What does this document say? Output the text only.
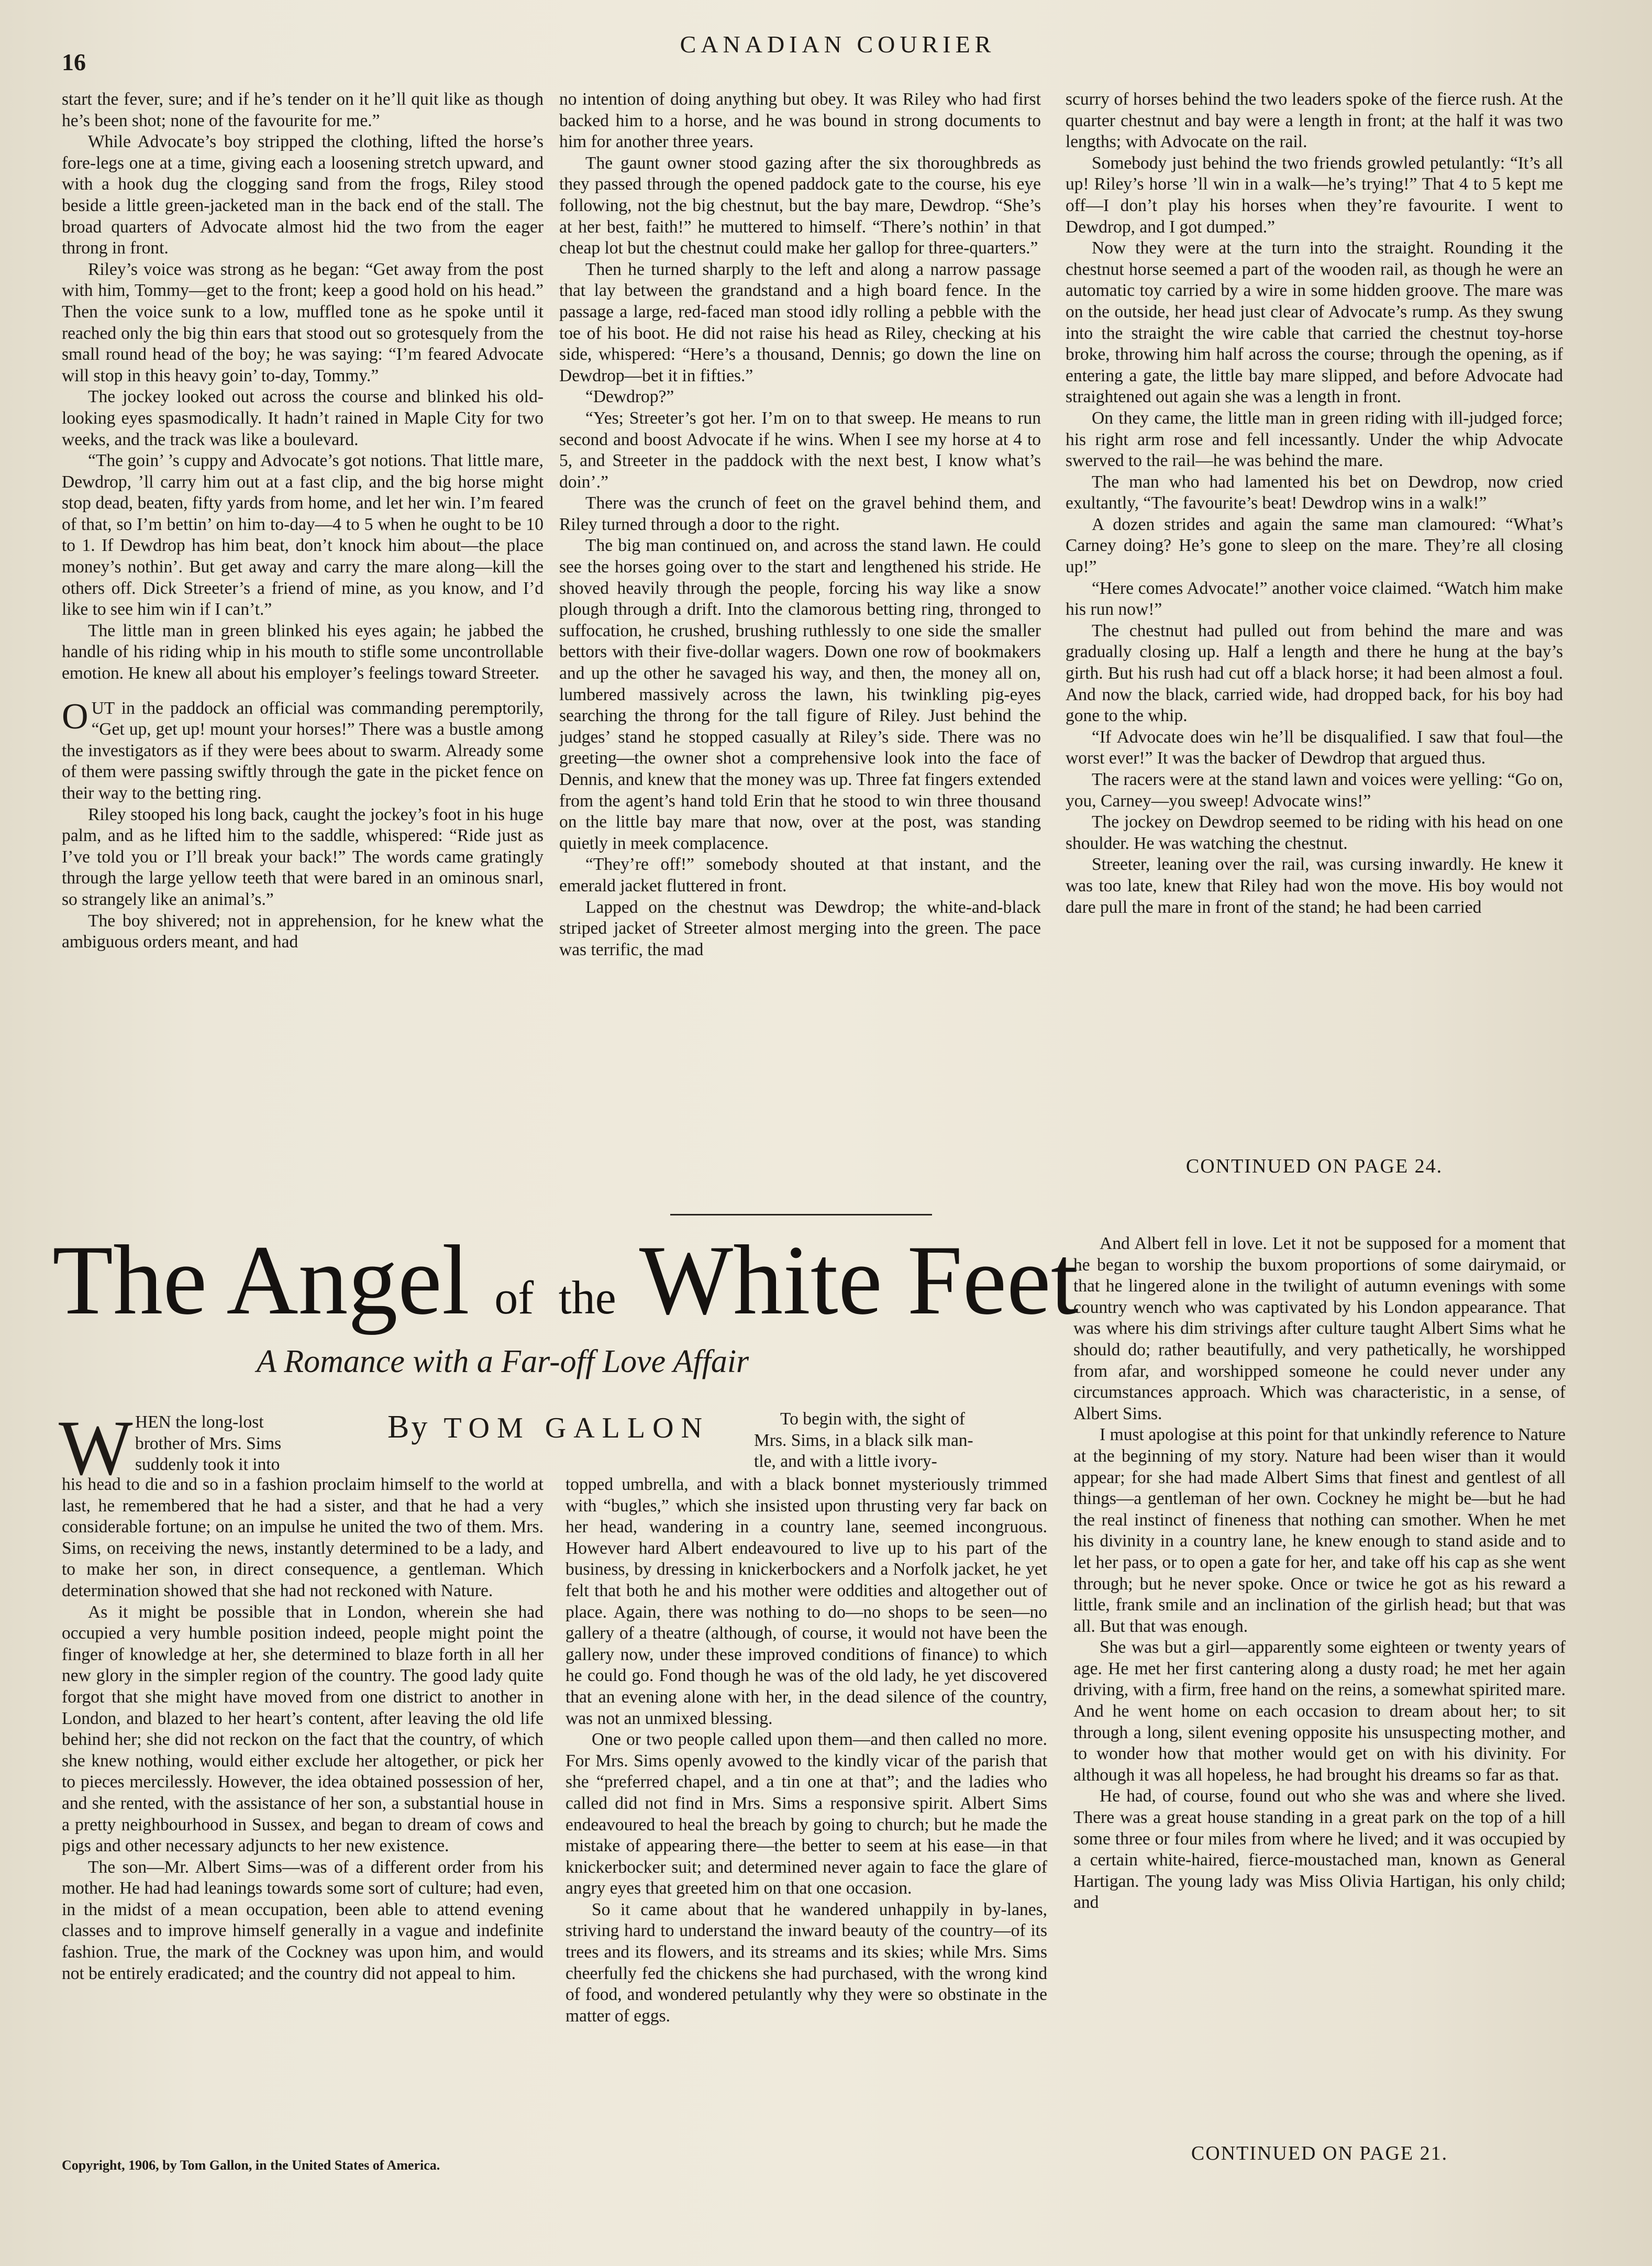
16
CANADIAN COURIER

start the fever, sure; and if he’s tender on it he’ll quit like as though he’s been shot; none of the favourite for me.”

While Advocate’s boy stripped the clothing, lifted the horse’s fore-legs one at a time, giving each a loosening stretch upward, and with a hook dug the clogging sand from the frogs, Riley stood beside a little green-jacketed man in the back end of the stall. The broad quarters of Advocate almost hid the two from the eager throng in front.

Riley’s voice was strong as he began: “Get away from the post with him, Tommy—get to the front; keep a good hold on his head.” Then the voice sunk to a low, muffled tone as he spoke until it reached only the big thin ears that stood out so grotesquely from the small round head of the boy; he was saying: “I’m feared Advocate will stop in this heavy goin’ to-day, Tommy.”

The jockey looked out across the course and blinked his old-looking eyes spasmodically. It hadn’t rained in Maple City for two weeks, and the track was like a boulevard.

“The goin’ ’s cuppy and Advocate’s got notions. That little mare, Dewdrop, ’ll carry him out at a fast clip, and the big horse might stop dead, beaten, fifty yards from home, and let her win. I’m feared of that, so I’m bettin’ on him to-day—4 to 5 when he ought to be 10 to 1. If Dewdrop has him beat, don’t knock him about—the place money’s nothin’. But get away and carry the mare along—kill the others off. Dick Streeter’s a friend of mine, as you know, and I’d like to see him win if I can’t.”

The little man in green blinked his eyes again; he jabbed the handle of his riding whip in his mouth to stifle some uncontrollable emotion. He knew all about his employer’s feelings toward Streeter.

OUT in the paddock an official was commanding peremptorily, “Get up, get up! mount your horses!” There was a bustle among the investigators as if they were bees about to swarm. Already some of them were passing swiftly through the gate in the picket fence on their way to the betting ring.

Riley stooped his long back, caught the jockey’s foot in his huge palm, and as he lifted him to the saddle, whispered: “Ride just as I’ve told you or I’ll break your back!” The words came gratingly through the large yellow teeth that were bared in an ominous snarl, so strangely like an animal’s.”

The boy shivered; not in apprehension, for he knew what the ambiguous orders meant, and had

no intention of doing anything but obey. It was Riley who had first backed him to a horse, and he was bound in strong documents to him for another three years.

The gaunt owner stood gazing after the six thoroughbreds as they passed through the opened paddock gate to the course, his eye following, not the big chestnut, but the bay mare, Dewdrop. “She’s at her best, faith!” he muttered to himself. “There’s nothin’ in that cheap lot but the chestnut could make her gallop for three-quarters.”

Then he turned sharply to the left and along a narrow passage that lay between the grandstand and a high board fence. In the passage a large, red-faced man stood idly rolling a pebble with the toe of his boot. He did not raise his head as Riley, checking at his side, whispered: “Here’s a thousand, Dennis; go down the line on Dewdrop—bet it in fifties.”

“Dewdrop?”

“Yes; Streeter’s got her. I’m on to that sweep. He means to run second and boost Advocate if he wins. When I see my horse at 4 to 5, and Streeter in the paddock with the next best, I know what’s doin’.”

There was the crunch of feet on the gravel behind them, and Riley turned through a door to the right.

The big man continued on, and across the stand lawn. He could see the horses going over to the start and lengthened his stride. He shoved heavily through the people, forcing his way like a snow plough through a drift. Into the clamorous betting ring, thronged to suffocation, he crushed, brushing ruthlessly to one side the smaller bettors with their five-dollar wagers. Down one row of bookmakers and up the other he savaged his way, and then, the money all on, lumbered massively across the lawn, his twinkling pig-eyes searching the throng for the tall figure of Riley. Just behind the judges’ stand he stopped casually at Riley’s side. There was no greeting—the owner shot a comprehensive look into the face of Dennis, and knew that the money was up. Three fat fingers extended from the agent’s hand told Erin that he stood to win three thousand on the little bay mare that now, over at the post, was standing quietly in meek complacence.

“They’re off!” somebody shouted at that instant, and the emerald jacket fluttered in front.

Lapped on the chestnut was Dewdrop; the white-and-black striped jacket of Streeter almost merging into the green. The pace was terrific, the mad

scurry of horses behind the two leaders spoke of the fierce rush. At the quarter chestnut and bay were a length in front; at the half it was two lengths; with Advocate on the rail.

Somebody just behind the two friends growled petulantly: “It’s all up! Riley’s horse ’ll win in a walk—he’s trying!” That 4 to 5 kept me off—I don’t play his horses when they’re favourite. I went to Dewdrop, and I got dumped.”

Now they were at the turn into the straight. Rounding it the chestnut horse seemed a part of the wooden rail, as though he were an automatic toy carried by a wire in some hidden groove. The mare was on the outside, her head just clear of Advocate’s rump. As they swung into the straight the wire cable that carried the chestnut toy-horse broke, throwing him half across the course; through the opening, as if entering a gate, the little bay mare slipped, and before Advocate had straightened out again she was a length in front.

On they came, the little man in green riding with ill-judged force; his right arm rose and fell incessantly. Under the whip Advocate swerved to the rail—he was behind the mare.

The man who had lamented his bet on Dewdrop, now cried exultantly, “The favourite’s beat! Dewdrop wins in a walk!”

A dozen strides and again the same man clamoured: “What’s Carney doing? He’s gone to sleep on the mare. They’re all closing up!”

“Here comes Advocate!” another voice claimed. “Watch him make his run now!”

The chestnut had pulled out from behind the mare and was gradually closing up. Half a length and there he hung at the bay’s girth. But his rush had cut off a black horse; it had been almost a foul. And now the black, carried wide, had dropped back, for his boy had gone to the whip.

“If Advocate does win he’ll be disqualified. I saw that foul—the worst ever!” It was the backer of Dewdrop that argued thus.

The racers were at the stand lawn and voices were yelling: “Go on, you, Carney—you sweep! Advocate wins!”

The jockey on Dewdrop seemed to be riding with his head on one shoulder. He was watching the chestnut.

Streeter, leaning over the rail, was cursing inwardly. He knew it was too late, knew that Riley had won the move. His boy would not dare pull the mare in front of the stand; he had been carried

CONTINUED ON PAGE 24.
The Angel of the White Feet
A Romance with a Far-off Love Affair
By TOM GALLON
W HEN the long-lost

brother of Mrs. Sims

suddenly took it into

his head to die and so in a fashion proclaim himself to the world at last, he remembered that he had a sister, and that he had a very considerable fortune; on an impulse he united the two of them. Mrs. Sims, on receiving the news, instantly determined to be a lady, and to make her son, in direct consequence, a gentleman. Which determination showed that she had not reckoned with Nature.

As it might be possible that in London, wherein she had occupied a very humble position indeed, people might point the finger of knowledge at her, she determined to blaze forth in all her new glory in the simpler region of the country. The good lady quite forgot that she might have moved from one district to another in London, and blazed to her heart’s content, after leaving the old life behind her; she did not reckon on the fact that the country, of which she knew nothing, would either exclude her altogether, or pick her to pieces mercilessly. However, the idea obtained possession of her, and she rented, with the assistance of her son, a substantial house in a pretty neighbourhood in Sussex, and began to dream of cows and pigs and other necessary adjuncts to her new existence.

The son—Mr. Albert Sims—was of a different order from his mother. He had had leanings towards some sort of culture; had even, in the midst of a mean occupation, been able to attend evening classes and to improve himself generally in a vague and indefinite fashion. True, the mark of the Cockney was upon him, and would not be entirely eradicated; and the country did not appeal to him.

To begin with, the sight of

Mrs. Sims, in a black silk man-

tle, and with a little ivory-

topped umbrella, and with a black bonnet mysteriously trimmed with “bugles,” which she insisted upon thrusting very far back on her head, wandering in a country lane, seemed incongruous. However hard Albert endeavoured to live up to his part of the business, by dressing in knickerbockers and a Norfolk jacket, he yet felt that both he and his mother were oddities and altogether out of place. Again, there was nothing to do—no shops to be seen—no gallery of a theatre (although, of course, it would not have been the gallery now, under these improved conditions of finance) to which he could go. Fond though he was of the old lady, he yet discovered that an evening alone with her, in the dead silence of the country, was not an unmixed blessing.

One or two people called upon them—and then called no more. For Mrs. Sims openly avowed to the kindly vicar of the parish that she “preferred chapel, and a tin one at that”; and the ladies who called did not find in Mrs. Sims a responsive spirit. Albert Sims endeavoured to heal the breach by going to church; but he made the mistake of appearing there—the better to seem at his ease—in that knickerbocker suit; and determined never again to face the glare of angry eyes that greeted him on that one occasion.

So it came about that he wandered unhappily in by-lanes, striving hard to understand the inward beauty of the country—of its trees and its flowers, and its streams and its skies; while Mrs. Sims cheerfully fed the chickens she had purchased, with the wrong kind of food, and wondered petulantly why they were so obstinate in the matter of eggs.

And Albert fell in love. Let it not be supposed for a moment that he began to worship the buxom proportions of some dairymaid, or that he lingered alone in the twilight of autumn evenings with some country wench who was captivated by his London appearance. That was where his dim strivings after culture taught Albert Sims what he should do; rather beautifully, and very pathetically, he worshipped from afar, and worshipped someone he could never under any circumstances approach. Which was characteristic, in a sense, of Albert Sims.

I must apologise at this point for that unkindly reference to Nature at the beginning of my story. Nature had been wiser than it would appear; for she had made Albert Sims that finest and gentlest of all things—a gentleman of her own. Cockney he might be—but he had the real instinct of fineness that nothing can smother. When he met his divinity in a country lane, he knew enough to stand aside and to let her pass, or to open a gate for her, and take off his cap as she went through; but he never spoke. Once or twice he got as his reward a little, frank smile and an inclination of the girlish head; but that was all. But that was enough.

She was but a girl—apparently some eighteen or twenty years of age. He met her first cantering along a dusty road; he met her again driving, with a firm, free hand on the reins, a somewhat spirited mare. And he went home on each occasion to dream about her; to sit through a long, silent evening opposite his unsuspecting mother, and to wonder how that mother would get on with his divinity. For although it was all hopeless, he had brought his dreams so far as that.

He had, of course, found out who she was and where she lived. There was a great house standing in a great park on the top of a hill some three or four miles from where he lived; and it was occupied by a certain white-haired, fierce-moustached man, known as General Hartigan. The young lady was Miss Olivia Hartigan, his only child; and

CONTINUED ON PAGE 21.
Copyright, 1906, by Tom Gallon, in the United States of America.
